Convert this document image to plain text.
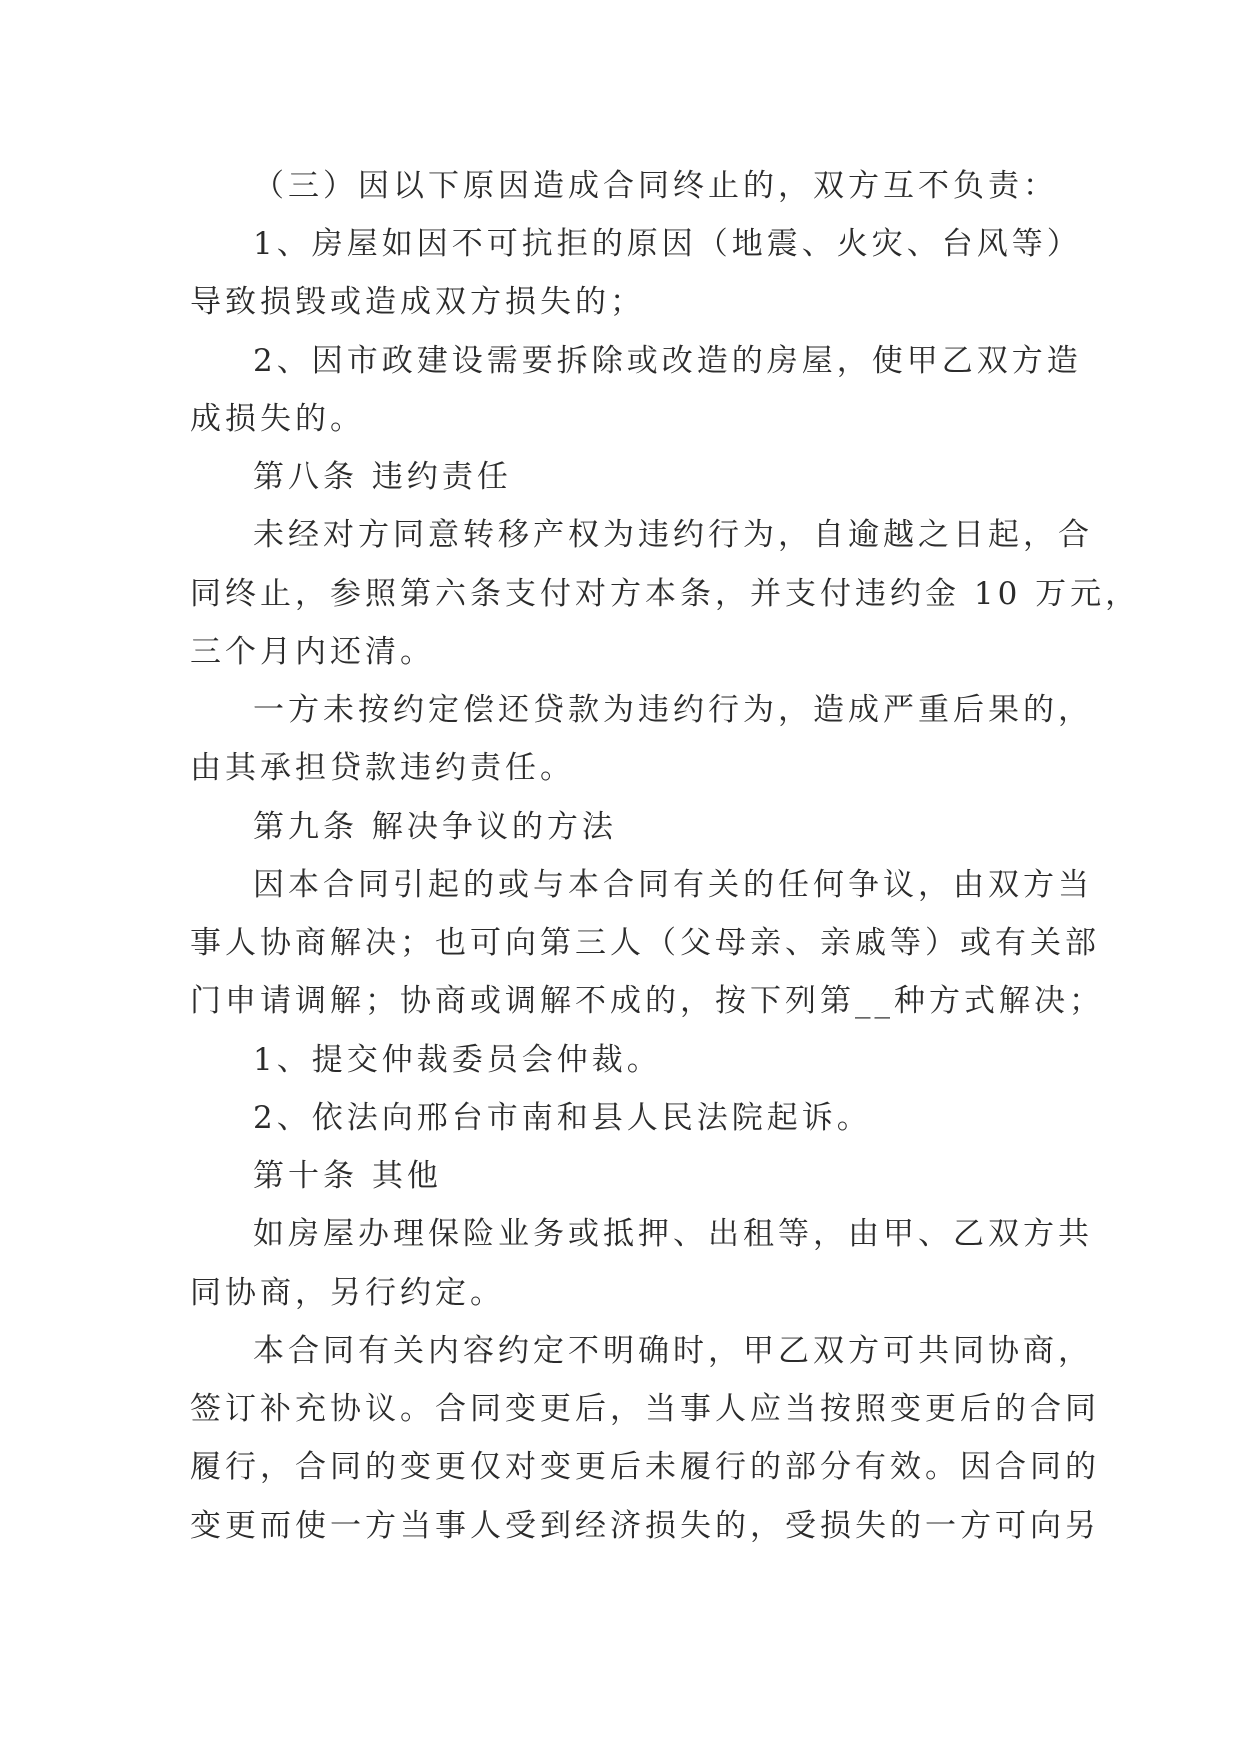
（三）因以下原因造成合同终止的，双方互不负责：
1、房屋如因不可抗拒的原因（地震、火灾、台风等）
导致损毁或造成双方损失的；
2、因市政建设需要拆除或改造的房屋，使甲乙双方造
成损失的。
第八条 违约责任
未经对方同意转移产权为违约行为，自逾越之日起，合
同终止，参照第六条支付对方本条，并支付违约金 10 万元，
三个月内还清。
一方未按约定偿还贷款为违约行为，造成严重后果的，
由其承担贷款违约责任。
第九条 解决争议的方法
因本合同引起的或与本合同有关的任何争议，由双方当
事人协商解决；也可向第三人（父母亲、亲戚等）或有关部
门申请调解；协商或调解不成的，按下列第__种方式解决；
1、提交仲裁委员会仲裁。
2、依法向邢台市南和县人民法院起诉。
第十条 其他
如房屋办理保险业务或抵押、出租等，由甲、乙双方共
同协商，另行约定。
本合同有关内容约定不明确时，甲乙双方可共同协商，
签订补充协议。合同变更后，当事人应当按照变更后的合同
履行，合同的变更仅对变更后未履行的部分有效。因合同的
变更而使一方当事人受到经济损失的，受损失的一方可向另
